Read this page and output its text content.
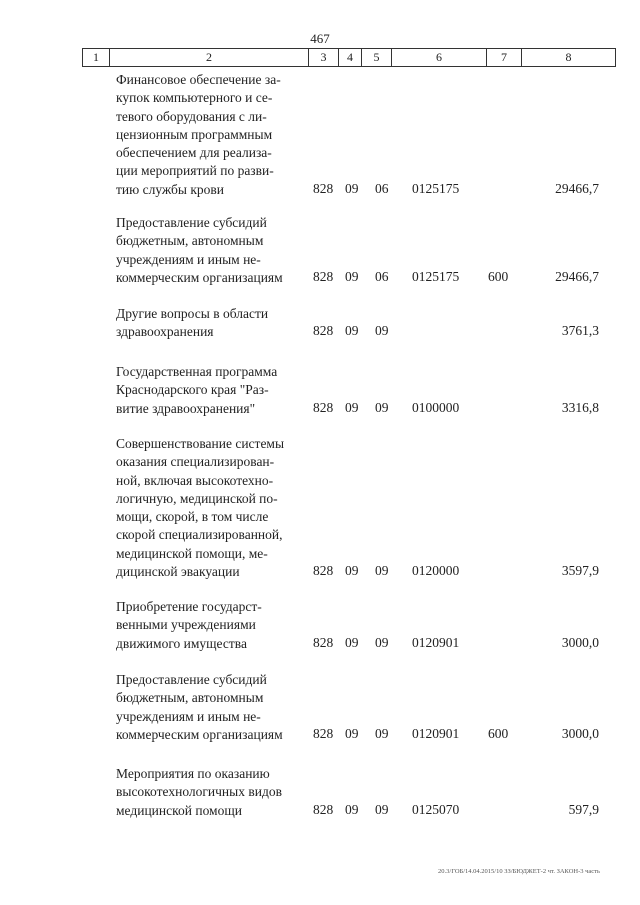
467
1	2	3	4	5	6	7	8
Финансовое обеспечение за-
купок компьютерного и се-
тевого оборудования с ли-
цензионным программным
обеспечением для реализа-
ции мероприятий по разви-
тию службы крови	828 09 06 0125175	29466,7
Предоставление субсидий
бюджетным, автономным
учреждениям и иным не-
коммерческим организациям	828 09 06 0125175 600	29466,7
Другие вопросы в области
здравоохранения	828 09 09	3761,3
Государственная программа
Краснодарского края "Раз-
витие здравоохранения"	828 09 09 0100000	3316,8
Совершенствование системы
оказания специализирован-
ной, включая высокотехно-
логичную, медицинской по-
мощи, скорой, в том числе
скорой специализированной,
медицинской помощи, ме-
дицинской эвакуации	828 09 09 0120000	3597,9
Приобретение государст-
венными учреждениями
движимого имущества	828 09 09 0120901	3000,0
Предоставление субсидий
бюджетным, автономным
учреждениям и иным не-
коммерческим организациям	828 09 09 0120901 600	3000,0
Мероприятия по оказанию
высокотехнологичных видов
медицинской помощи	828 09 09 0125070	597,9
20.3/ГОБ/14.04.2015/10 ЗЗ/БЮДЖЕТ-2 чт. ЗАКОН-3 часть
